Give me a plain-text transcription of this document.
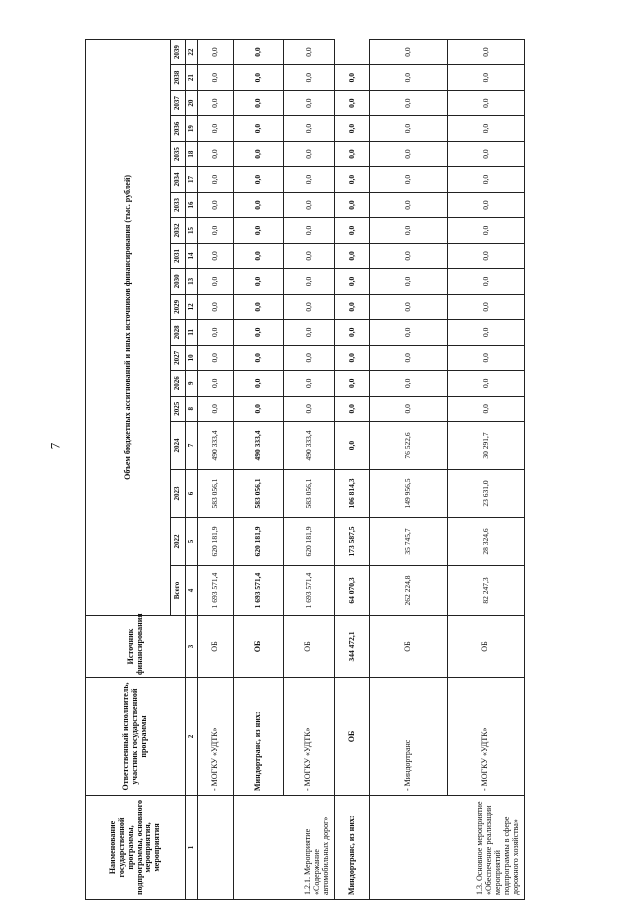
7
Наименование государственной программы, подпрограммы, основного мероприятия, мероприятия	Ответственный исполнитель, участник государственной программы	Источник финансирования	Объем бюджетных ассигнований и иных источников финансирования (тыс. рублей)																		
			Всего	2022	2023	2024	2025	2026	2027	2028	2029	2030	2031	2032	2033	2034	2035	2036	2037	2038	2039
1	2	3	4	5	6	7	8	9	10	11	12	13	14	15	16	17	18	19	20	21	22
	- МОГКУ «УДТК»	ОБ	1 693 571,4	620 181,9	583 056,1	490 333,4	0,0	0,0	0,0	0,0	0,0	0,0	0,0	0,0	0,0	0,0	0,0	0,0	0,0	0,0	0,0
1.2.1. Мероприятие «Содержание автомобильных дорог»	Миндортранс, из них:	ОБ	1 693 571,4	620 181,9	583 056,1	490 333,4	0,0	0,0	0,0	0,0	0,0	0,0	0,0	0,0	0,0	0,0	0,0	0,0	0,0	0,0	0,0
	- МОГКУ «УДТК»	ОБ	1 693 571,4	620 181,9	583 056,1	490 333,4	0,0	0,0	0,0	0,0	0,0	0,0	0,0	0,0	0,0	0,0	0,0	0,0	0,0	0,0	0,0
Миндортранс, из них:	ОБ	344 472,1	64 070,3	173 587,5	106 814,3	0,0	0,0	0,0	0,0	0,0	0,0	0,0	0,0	0,0	0,0	0,0	0,0	0,0	0,0	0,0	
1.3. Основное мероприятие «Обеспечение реализации мероприятий подпрограммы в сфере дорожного хозяйства»	- Миндортранс	ОБ	262 224,8	35 745,7	149 956,5	76 522,6	0,0	0,0	0,0	0,0	0,0	0,0	0,0	0,0	0,0	0,0	0,0	0,0	0,0	0,0	0,0
	- МОГКУ «УДТК»	ОБ	82 247,3	28 324,6	23 631,0	30 291,7	0,0	0,0	0,0	0,0	0,0	0,0	0,0	0,0	0,0	0,0	0,0	0,0	0,0	0,0	0,0
